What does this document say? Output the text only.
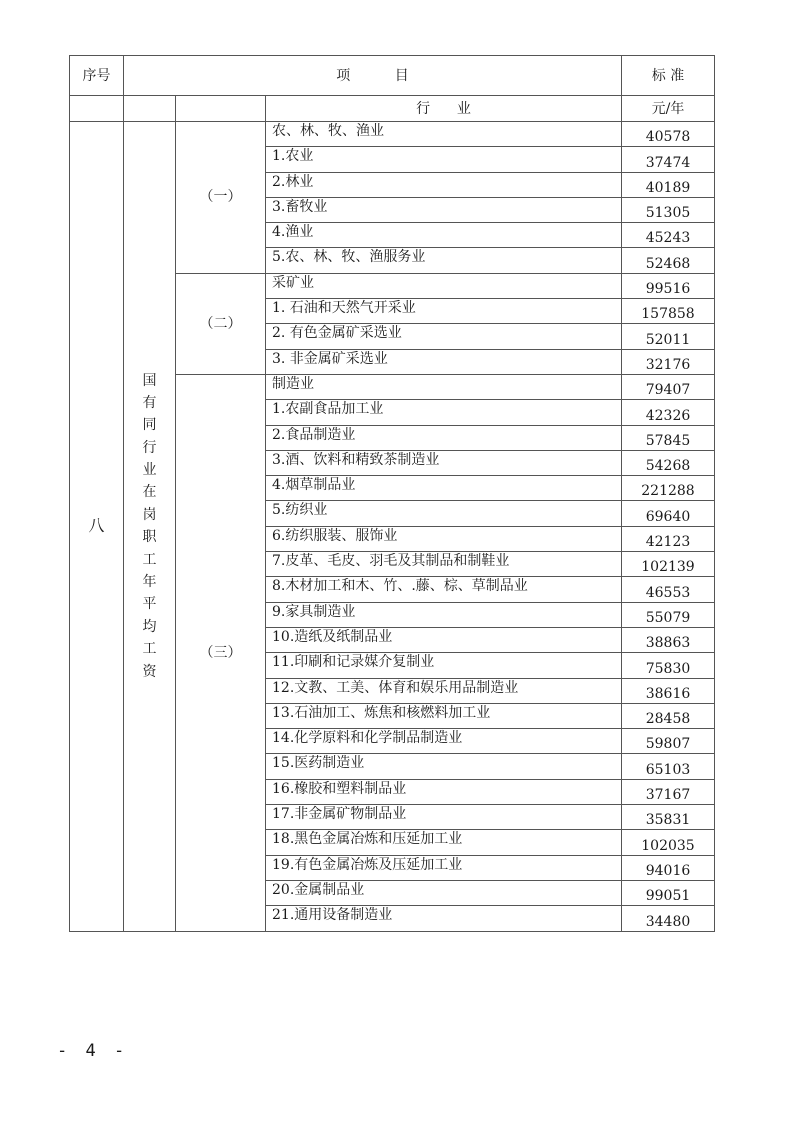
序号	项          目			标 准
			行      业	元/年
八	国有同行业在岗职工年平均工资	（一）	农、林、牧、渔业	40578
			1.农业	37474
			2.林业	40189
			3.畜牧业	51305
			4.渔业	45243
			5.农、林、牧、渔服务业	52468
		（二）	采矿业	99516
			1. 石油和天然气开采业	157858
			2. 有色金属矿采选业	52011
			3. 非金属矿采选业	32176
		（三）	制造业	79407
			1.农副食品加工业	42326
			2.食品制造业	57845
			3.酒、饮料和精致茶制造业	54268
			4.烟草制品业	221288
			5.纺织业	69640
			6.纺织服装、服饰业	42123
			7.皮革、毛皮、羽毛及其制品和制鞋业	102139
			8.木材加工和木、竹、.藤、棕、草制品业	46553
			9.家具制造业	55079
			10.造纸及纸制品业	38863
			11.印刷和记录媒介复制业	75830
			12.文教、工美、体育和娱乐用品制造业	38616
			13.石油加工、炼焦和核燃料加工业	28458
			14.化学原料和化学制品制造业	59807
			15.医药制造业	65103
			16.橡胶和塑料制品业	37167
			17.非金属矿物制品业	35831
			18.黑色金属冶炼和压延加工业	102035
			19.有色金属冶炼及压延加工业	94016
			20.金属制品业	99051
			21.通用设备制造业	34480
- 4 -
